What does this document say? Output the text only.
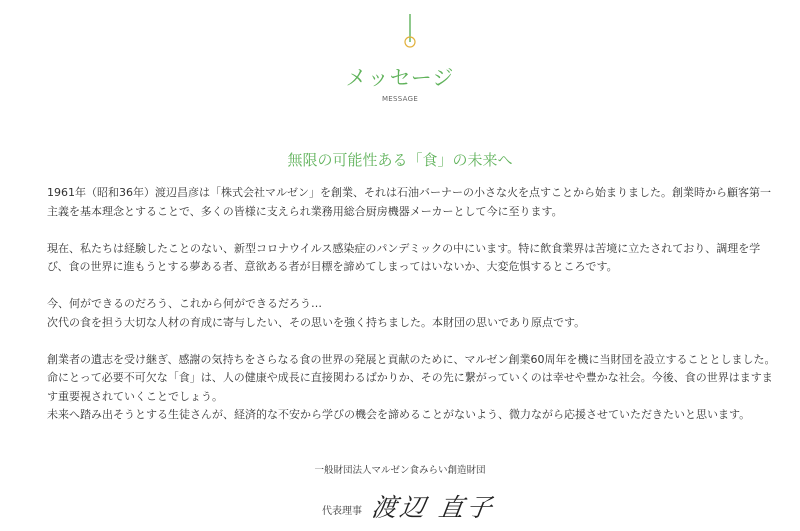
メッセージ
MESSAGE
無限の可能性ある「食」の未来へ
1961年（昭和36年）渡辺昌彦は「株式会社マルゼン」を創業、それは石油バーナーの小さな火を点すことから始まりました。創業時から顧客第一
主義を基本理念とすることで、多くの皆様に支えられ業務用総合厨房機器メーカーとして今に至ります。
現在、私たちは経験したことのない、新型コロナウイルス感染症のパンデミックの中にいます。特に飲食業界は苦境に立たされており、調理を学
び、食の世界に進もうとする夢ある者、意欲ある者が目標を諦めてしまってはいないか、大変危惧するところです。
今、何ができるのだろう、これから何ができるだろう…
次代の食を担う大切な人材の育成に寄与したい、その思いを強く持ちました。本財団の思いであり原点です。
創業者の遺志を受け継ぎ、感謝の気持ちをさらなる食の世界の発展と貢献のために、マルゼン創業60周年を機に当財団を設立することとしました。
命にとって必要不可欠な「食」は、人の健康や成長に直接関わるばかりか、その先に繋がっていくのは幸せや豊かな社会。今後、食の世界はますま
す重要視されていくことでしょう。
未来へ踏み出そうとする生徒さんが、経済的な不安から学びの機会を諦めることがないよう、微力ながら応援させていただきたいと思います。
一般財団法人マルゼン食みらい創造財団
代表理事 渡辺 直子
